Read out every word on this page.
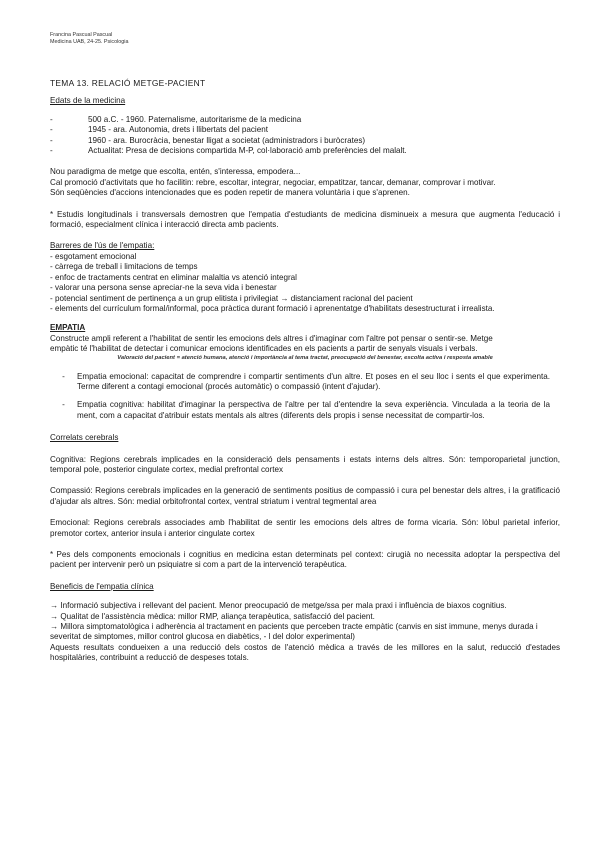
Francina Pascual Pascual
Medicina UAB, 24-25. Psicologia
TEMA 13. RELACIÓ METGE-PACIENT
Edats de la medicina
-	500 a.C. - 1960. Paternalisme, autoritarisme de la medicina
-	1945 - ara. Autonomia, drets i llibertats del pacient
-	1960 - ara. Burocràcia, benestar lligat a societat (administradors i buròcrates)
-	Actualitat: Presa de decisions compartida M-P, col·laboració amb preferències del malalt.
Nou paradigma de metge que escolta, entén, s'interessa, empodera...
Cal promoció d'activitats que ho facilitin: rebre, escoltar, integrar, negociar, empatitzar, tancar, demanar, comprovar i motivar.
Són seqüències d'accions intencionades que es poden repetir de manera voluntària i que s'aprenen.
* Estudis longitudinals i transversals demostren que l'empatia d'estudiants de medicina disminueix a mesura que augmenta l'educació i formació, especialment clínica i interacció directa amb pacients.
Barreres de l'ús de l'empatia:
- esgotament emocional
- càrrega de treball i limitacions de temps
- enfoc de tractaments centrat en eliminar malaltia vs atenció integral
- valorar una persona sense apreciar-ne la seva vida i benestar
- potencial sentiment de pertinença a un grup elitista i privilegiat → distanciament racional del pacient
- elements del currículum formal/informal, poca pràctica durant formació i aprenentatge d'habilitats desestructurat i irrealista.
EMPATIA
Constructe ampli referent a l'habilitat de sentir les emocions dels altres i d'imaginar com l'altre pot pensar o sentir-se. Metge
empàtic té l'habilitat de detectar i comunicar emocions identificades en els pacients a partir de senyals visuals i verbals.
Valoració del pacient = atenció humana, atenció i importància al tema tractat, preocupació del benestar, escolta activa i resposta amable
-	Empatia emocional: capacitat de comprendre i compartir sentiments d'un altre. Et poses en el seu lloc i sents el que experimenta. Terme diferent a contagi emocional (procés automàtic) o compassió (intent d'ajudar).
-	Empatia cognitiva: habilitat d'imaginar la perspectiva de l'altre per tal d'entendre la seva experiència. Vinculada a la teoria de la ment, com a capacitat d'atribuir estats mentals als altres (diferents dels propis i sense necessitat de compartir-los.
Correlats cerebrals
Cognitiva: Regions cerebrals implicades en la consideració dels pensaments i estats interns dels altres. Són: temporoparietal junction, temporal pole, posterior cingulate cortex, medial prefrontal cortex
Compassió: Regions cerebrals implicades en la generació de sentiments positius de compassió i cura pel benestar dels altres, i la gratificació d'ajudar als altres. Són: medial orbitofrontal cortex, ventral striatum i ventral tegmental area
Emocional: Regions cerebrals associades amb l'habilitat de sentir les emocions dels altres de forma vicaria. Són: lòbul parietal inferior, premotor cortex, anterior insula i anterior cingulate cortex
* Pes dels components emocionals i cognitius en medicina estan determinats pel context: cirugià no necessita adoptar la perspectiva del pacient per intervenir però un psiquiatre si com a part de la intervenció terapèutica.
Beneficis de l'empatia clínica
→ Informació subjectiva i rellevant del pacient. Menor preocupació de metge/ssa per mala praxi i influència de biaxos cognitius.
→ Qualitat de l'assistència mèdica: millor RMP, aliança terapèutica, satisfacció del pacient.
→ Millora simptomatològica i adherència al tractament en pacients que perceben tracte empàtic (canvis en sist immune, menys durada i severitat de simptomes, millor control glucosa en diabètics, - l del dolor experimental)
Aquests resultats condueixen a una reducció dels costos de l'atenció mèdica a través de les millores en la salut, reducció d'estades hospitalàries, contribuint a reducció de despeses totals.
